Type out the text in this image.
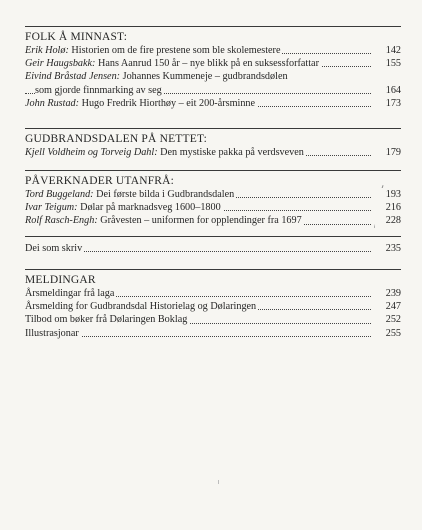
FOLK Å MINNAST:
Erik Holø: Historien om de fire prestene som ble skolemestere	142
Geir Haugsbakk: Hans Aanrud 150 år – nye blikk på en suksessforfattar	155
Eivind Bråstad Jensen: Johannes Kummeneje – gudbrandsdølen
som gjorde finnmarking av seg	164
John Rustad: Hugo Fredrik Hiorthøy – eit 200-årsminne	173
GUDBRANDSDALEN PÅ NETTET:
Kjell Voldheim og Torveig Dahl: Den mystiske pakka på verdsveven	179
PÅVERKNADER UTANFRÅ:
Tord Buggeland: Dei første bilda i Gudbrandsdalen	193
Ivar Teigum: Dølar på marknadsveg 1600–1800	216
Rolf Rasch-Engh: Gråvesten – uniformen for opplendinger fra 1697	228
Dei som skriv	235
MELDINGAR
Årsmeldingar frå laga	239
Årsmelding for Gudbrandsdal Historielag og Dølaringen	247
Tilbod om bøker frå Dølaringen Boklag	252
Illustrasjonar	255
